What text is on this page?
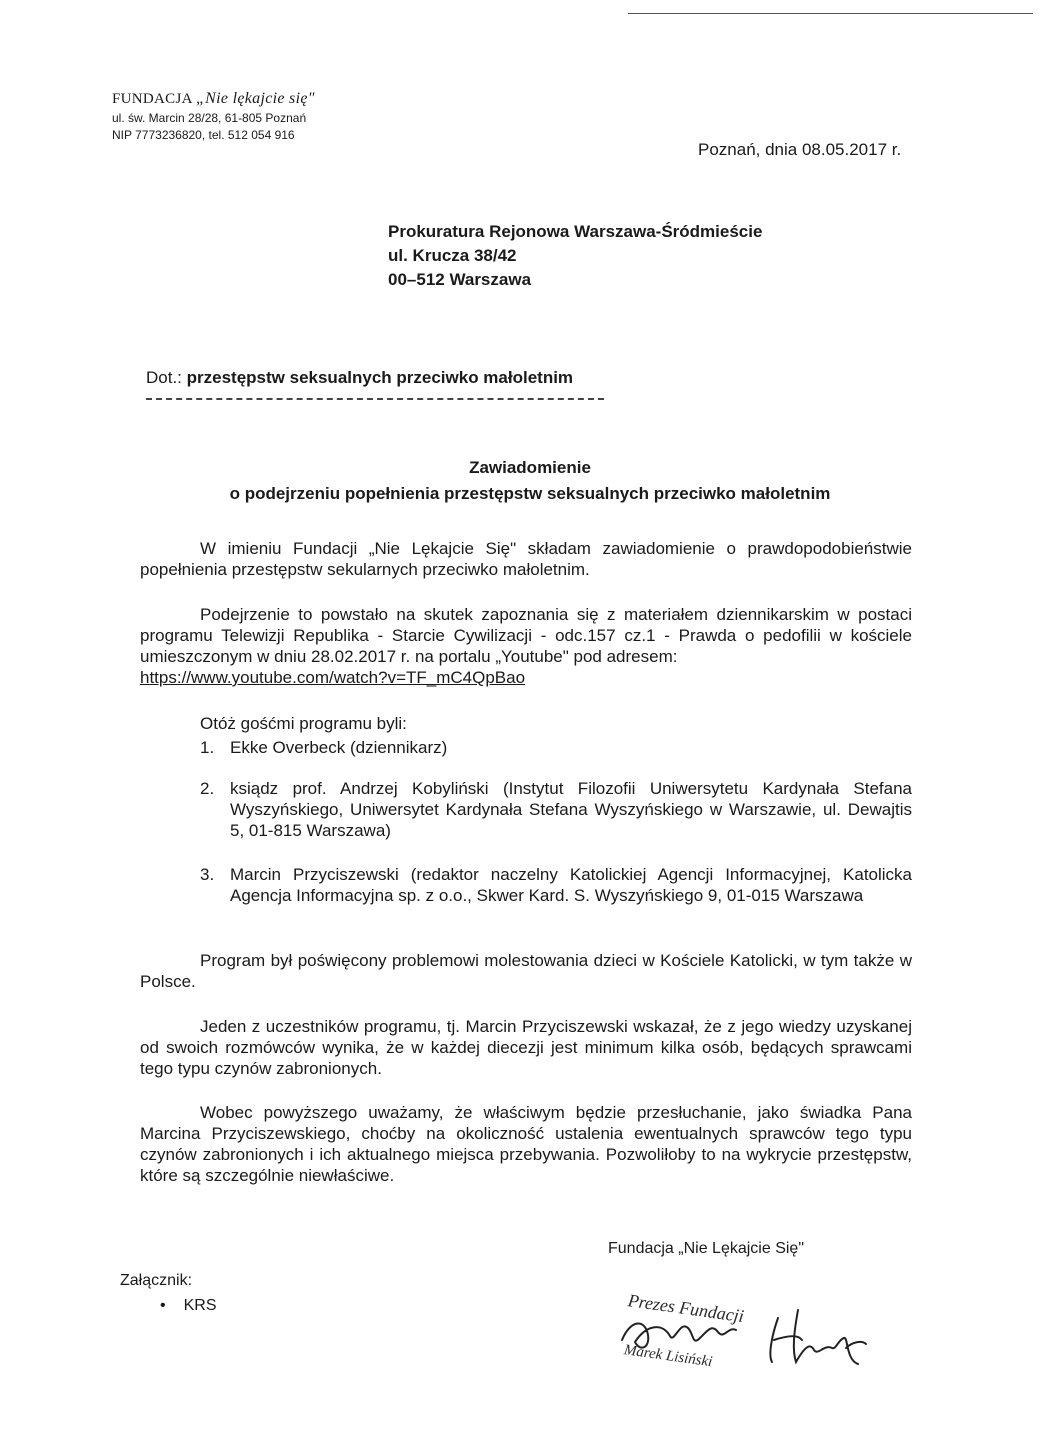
FUNDACJA „Nie lękajcie się"
ul. św. Marcin 28/28, 61-805 Poznań
NIP 7773236820, tel. 512 054 916
Poznań, dnia 08.05.2017 r.
Prokuratura Rejonowa Warszawa-Śródmieście
ul. Krucza 38/42
00–512 Warszawa
Dot.: przestępstw seksualnych przeciwko małoletnim
Zawiadomienie
o podejrzeniu popełnienia przestępstw seksualnych przeciwko małoletnim
W imieniu Fundacji „Nie Lękajcie Się" składam zawiadomienie o prawdopodobieństwie popełnienia przestępstw sekularnych przeciwko małoletnim.
Podejrzenie to powstało na skutek zapoznania się z materiałem dziennikarskim w postaci programu Telewizji Republika - Starcie Cywilizacji - odc.157 cz.1 - Prawda o pedofilii w kościele umieszczonym w dniu 28.02.2017 r. na portalu „Youtube" pod adresem:
https://www.youtube.com/watch?v=TF_mC4QpBao
Otóż gośćmi programu byli:
1. Ekke Overbeck (dziennikarz)
2. ksiądz prof. Andrzej Kobyliński (Instytut Filozofii Uniwersytetu Kardynała Stefana Wyszyńskiego, Uniwersytet Kardynała Stefana Wyszyńskiego w Warszawie, ul. Dewajtis 5, 01-815 Warszawa)
3. Marcin Przyciszewski (redaktor naczelny Katolickiej Agencji Informacyjnej, Katolicka Agencja Informacyjna sp. z o.o., Skwer Kard. S. Wyszyńskiego 9, 01-015 Warszawa
Program był poświęcony problemowi molestowania dzieci w Kościele Katolicki, w tym także w Polsce.
Jeden z uczestników programu, tj. Marcin Przyciszewski wskazał, że z jego wiedzy uzyskanej od swoich rozmówców wynika, że w każdej diecezji jest minimum kilka osób, będących sprawcami tego typu czynów zabronionych.
Wobec powyższego uważamy, że właściwym będzie przesłuchanie, jako świadka Pana Marcina Przyciszewskiego, choćby na okoliczność ustalenia ewentualnych sprawców tego typu czynów zabronionych i ich aktualnego miejsca przebywania. Pozwoliłoby to na wykrycie przestępstw, które są szczególnie niewłaściwe.
Fundacja „Nie Lękajcie Się"
Załącznik:
• KRS	Prezes Fundacji
Marek Lisiński
